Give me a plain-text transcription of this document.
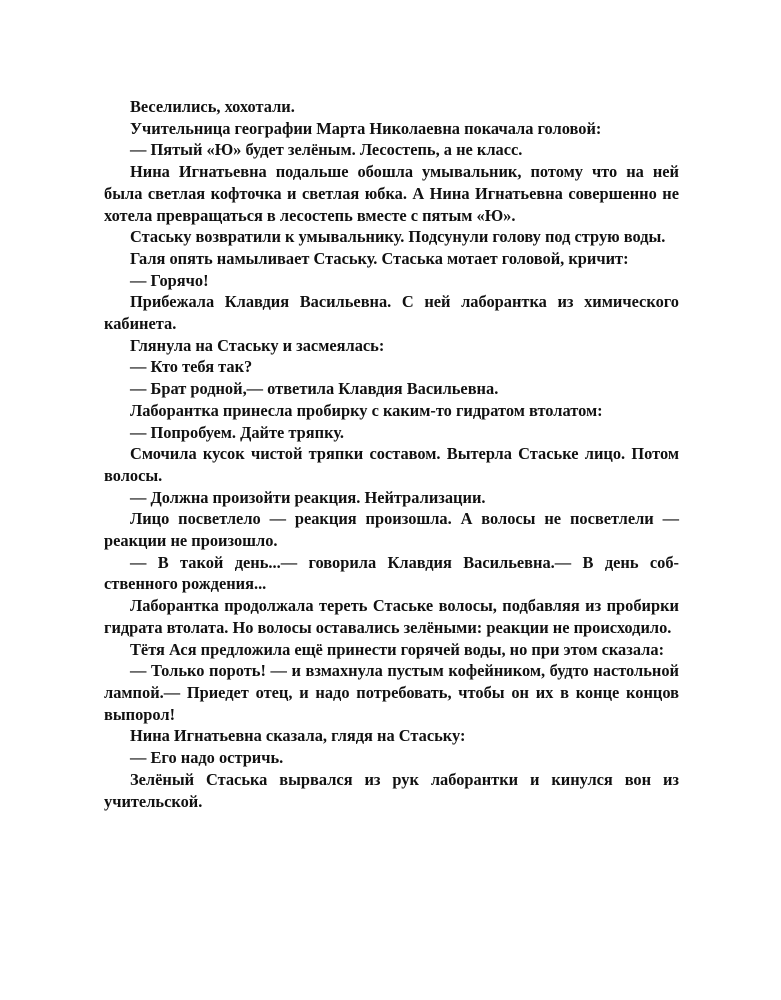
Веселились, хохотали.

Учительница географии Марта Николаевна покачала головой:

— Пятый «Ю» будет зелёным. Лесостепь, а не класс.

Нина Игнатьевна подальше обошла умывальник, потому что на ней была светлая кофточка и светлая юбка. А Нина Игнатьевна совершенно не хотела превращаться в лесостепь вместе с пятым «Ю».

Стаську возвратили к умывальнику. Подсунули голову под струю воды.

Галя опять намыливает Стаську. Стаська мотает головой, кричит:

— Горячо!

Прибежала Клавдия Васильевна. С ней лаборантка из химического кабинета.

Глянула на Стаську и засмеялась:

— Кто тебя так?

— Брат родной,— ответила Клавдия Васильевна.

Лаборантка принесла пробирку с каким-то гидратом втолатом:

— Попробуем. Дайте тряпку.

Смочила кусок чистой тряпки составом. Вытерла Стаське лицо. Потом волосы.

— Должна произойти реакция. Нейтрализации.

Лицо посветлело — реакция произошла. А волосы не посветлели — реакции не произошло.

— В такой день...— говорила Клавдия Васильевна.— В день собственного рождения...

Лаборантка продолжала тереть Стаське волосы, подбавляя из пробирки гидрата втолата. Но волосы оставались зелёными: реакции не происходило.

Тётя Ася предложила ещё принести горячей воды, но при этом сказала:

— Только пороть! — и взмахнула пустым кофейником, будто настольной лампой.— Приедет отец, и надо потребовать, чтобы он их в конце концов выпорол!

Нина Игнатьевна сказала, глядя на Стаську:

— Его надо остричь.

Зелёный Стаська вырвался из рук лаборантки и кинулся вон из учительской.
